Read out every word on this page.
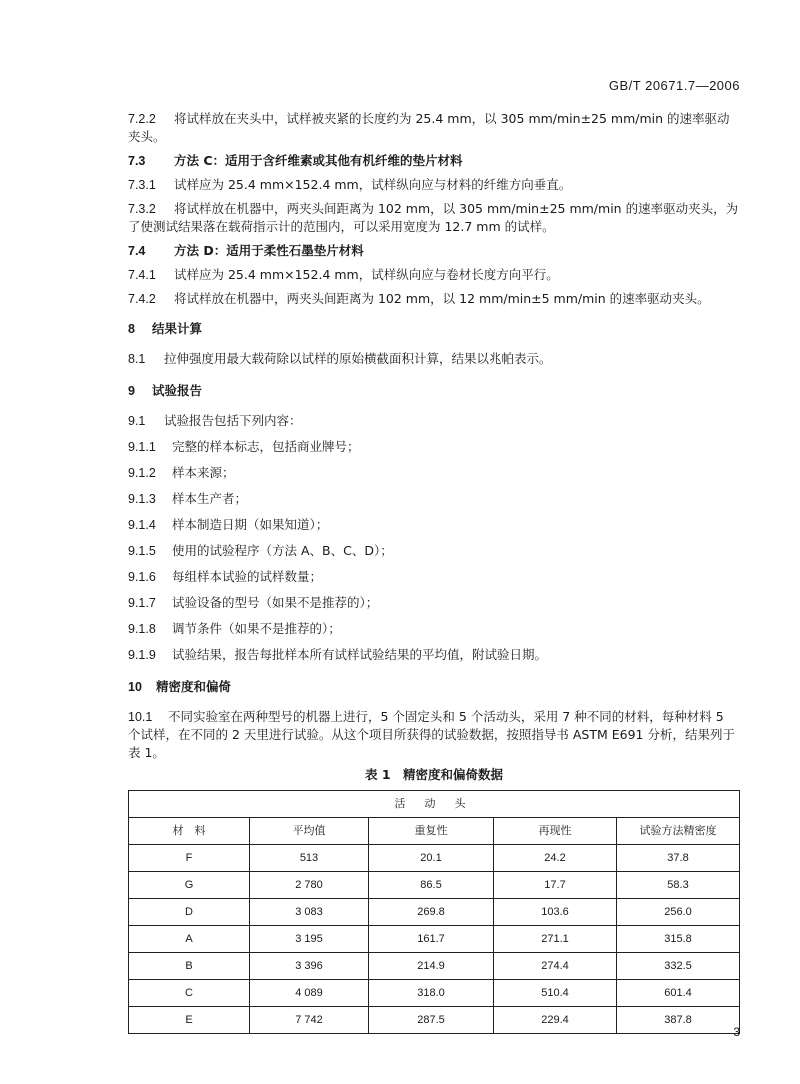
GB/T 20671.7—2006

7.2.2 将试样放在夹头中，试样被夹紧的长度约为 25.4 mm，以 305 mm/min±25 mm/min 的速率驱动夹头。

7.3 方法 C：适用于含纤维素或其他有机纤维的垫片材料

7.3.1 试样应为 25.4 mm×152.4 mm，试样纵向应与材料的纤维方向垂直。

7.3.2 将试样放在机器中，两夹头间距离为 102 mm，以 305 mm/min±25 mm/min 的速率驱动夹头，为了使测试结果落在载荷指示计的范围内，可以采用宽度为 12.7 mm 的试样。

7.4 方法 D：适用于柔性石墨垫片材料

7.4.1 试样应为 25.4 mm×152.4 mm，试样纵向应与卷材长度方向平行。

7.4.2 将试样放在机器中，两夹头间距离为 102 mm，以 12 mm/min±5 mm/min 的速率驱动夹头。

8 结果计算

8.1 拉伸强度用最大载荷除以试样的原始横截面积计算，结果以兆帕表示。

9 试验报告

9.1 试验报告包括下列内容：

9.1.1 完整的样本标志，包括商业牌号；

9.1.2 样本来源；

9.1.3 样本生产者；

9.1.4 样本制造日期（如果知道）；

9.1.5 使用的试验程序（方法 A、B、C、D）；

9.1.6 每组样本试验的试样数量；

9.1.7 试验设备的型号（如果不是推荐的）；

9.1.8 调节条件（如果不是推荐的）；

9.1.9 试验结果，报告每批样本所有试样试验结果的平均值，附试验日期。

10 精密度和偏倚

10.1 不同实验室在两种型号的机器上进行，5 个固定头和 5 个活动头，采用 7 种不同的材料，每种材料 5 个试样，在不同的 2 天里进行试验。从这个项目所获得的试验数据，按照指导书 ASTM E691 分析，结果列于表 1。

表 1　精密度和偏倚数据

活 动 头				
材　料	平均值	重复性	再现性	试验方法精密度
F	513	20.1	24.2	37.8
G	2 780	86.5	17.7	58.3
D	3 083	269.8	103.6	256.0
A	3 195	161.7	271.1	315.8
B	3 396	214.9	274.4	332.5
C	4 089	318.0	510.4	601.4
E	7 742	287.5	229.4	387.8
3
